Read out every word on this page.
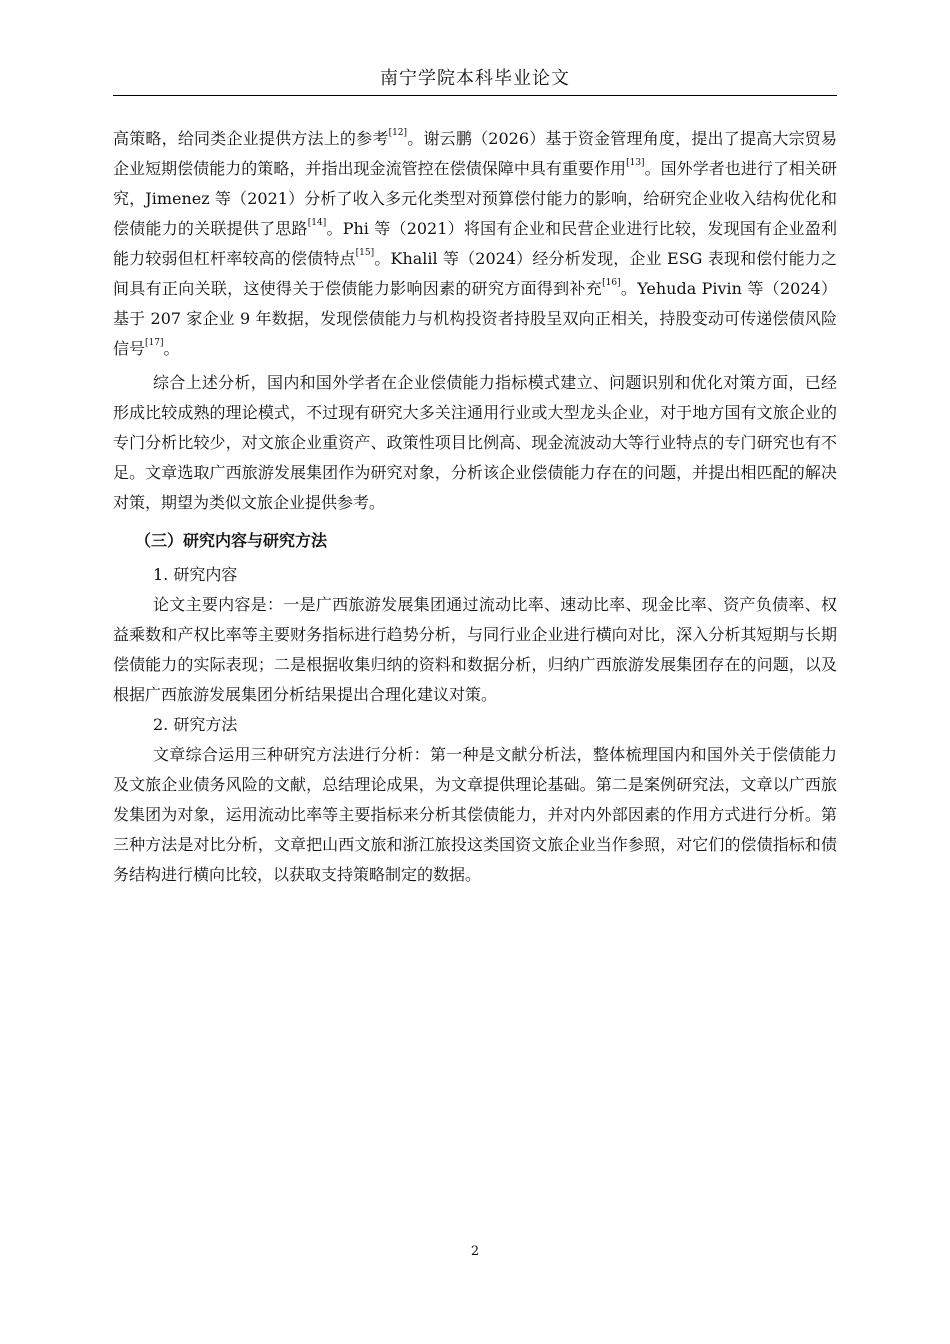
南宁学院本科毕业论文

高策略，给同类企业提供方法上的参考[12]。谢云鹏（2026）基于资金管理角度，提出了提高大宗贸易企业短期偿债能力的策略，并指出现金流管控在偿债保障中具有重要作用[13]。国外学者也进行了相关研究，Jimenez 等（2021）分析了收入多元化类型对预算偿付能力的影响，给研究企业收入结构优化和偿债能力的关联提供了思路[14]。Phi 等（2021）将国有企业和民营企业进行比较，发现国有企业盈利能力较弱但杠杆率较高的偿债特点[15]。Khalil 等（2024）经分析发现，企业 ESG 表现和偿付能力之间具有正向关联，这使得关于偿债能力影响因素的研究方面得到补充[16]。Yehuda Pivin 等（2024）基于 207 家企业 9 年数据，发现偿债能力与机构投资者持股呈双向正相关，持股变动可传递偿债风险信号[17]。

综合上述分析，国内和国外学者在企业偿债能力指标模式建立、问题识别和优化对策方面，已经形成比较成熟的理论模式，不过现有研究大多关注通用行业或大型龙头企业，对于地方国有文旅企业的专门分析比较少，对文旅企业重资产、政策性项目比例高、现金流波动大等行业特点的专门研究也有不足。文章选取广西旅游发展集团作为研究对象，分析该企业偿债能力存在的问题，并提出相匹配的解决对策，期望为类似文旅企业提供参考。

（三）研究内容与研究方法

1. 研究内容

论文主要内容是：一是广西旅游发展集团通过流动比率、速动比率、现金比率、资产负债率、权益乘数和产权比率等主要财务指标进行趋势分析，与同行业企业进行横向对比，深入分析其短期与长期偿债能力的实际表现；二是根据收集归纳的资料和数据分析，归纳广西旅游发展集团存在的问题，以及根据广西旅游发展集团分析结果提出合理化建议对策。

2. 研究方法

文章综合运用三种研究方法进行分析：第一种是文献分析法，整体梳理国内和国外关于偿债能力及文旅企业债务风险的文献，总结理论成果，为文章提供理论基础。第二是案例研究法，文章以广西旅发集团为对象，运用流动比率等主要指标来分析其偿债能力，并对内外部因素的作用方式进行分析。第三种方法是对比分析，文章把山西文旅和浙江旅投这类国资文旅企业当作参照，对它们的偿债指标和债务结构进行横向比较，以获取支持策略制定的数据。

2
